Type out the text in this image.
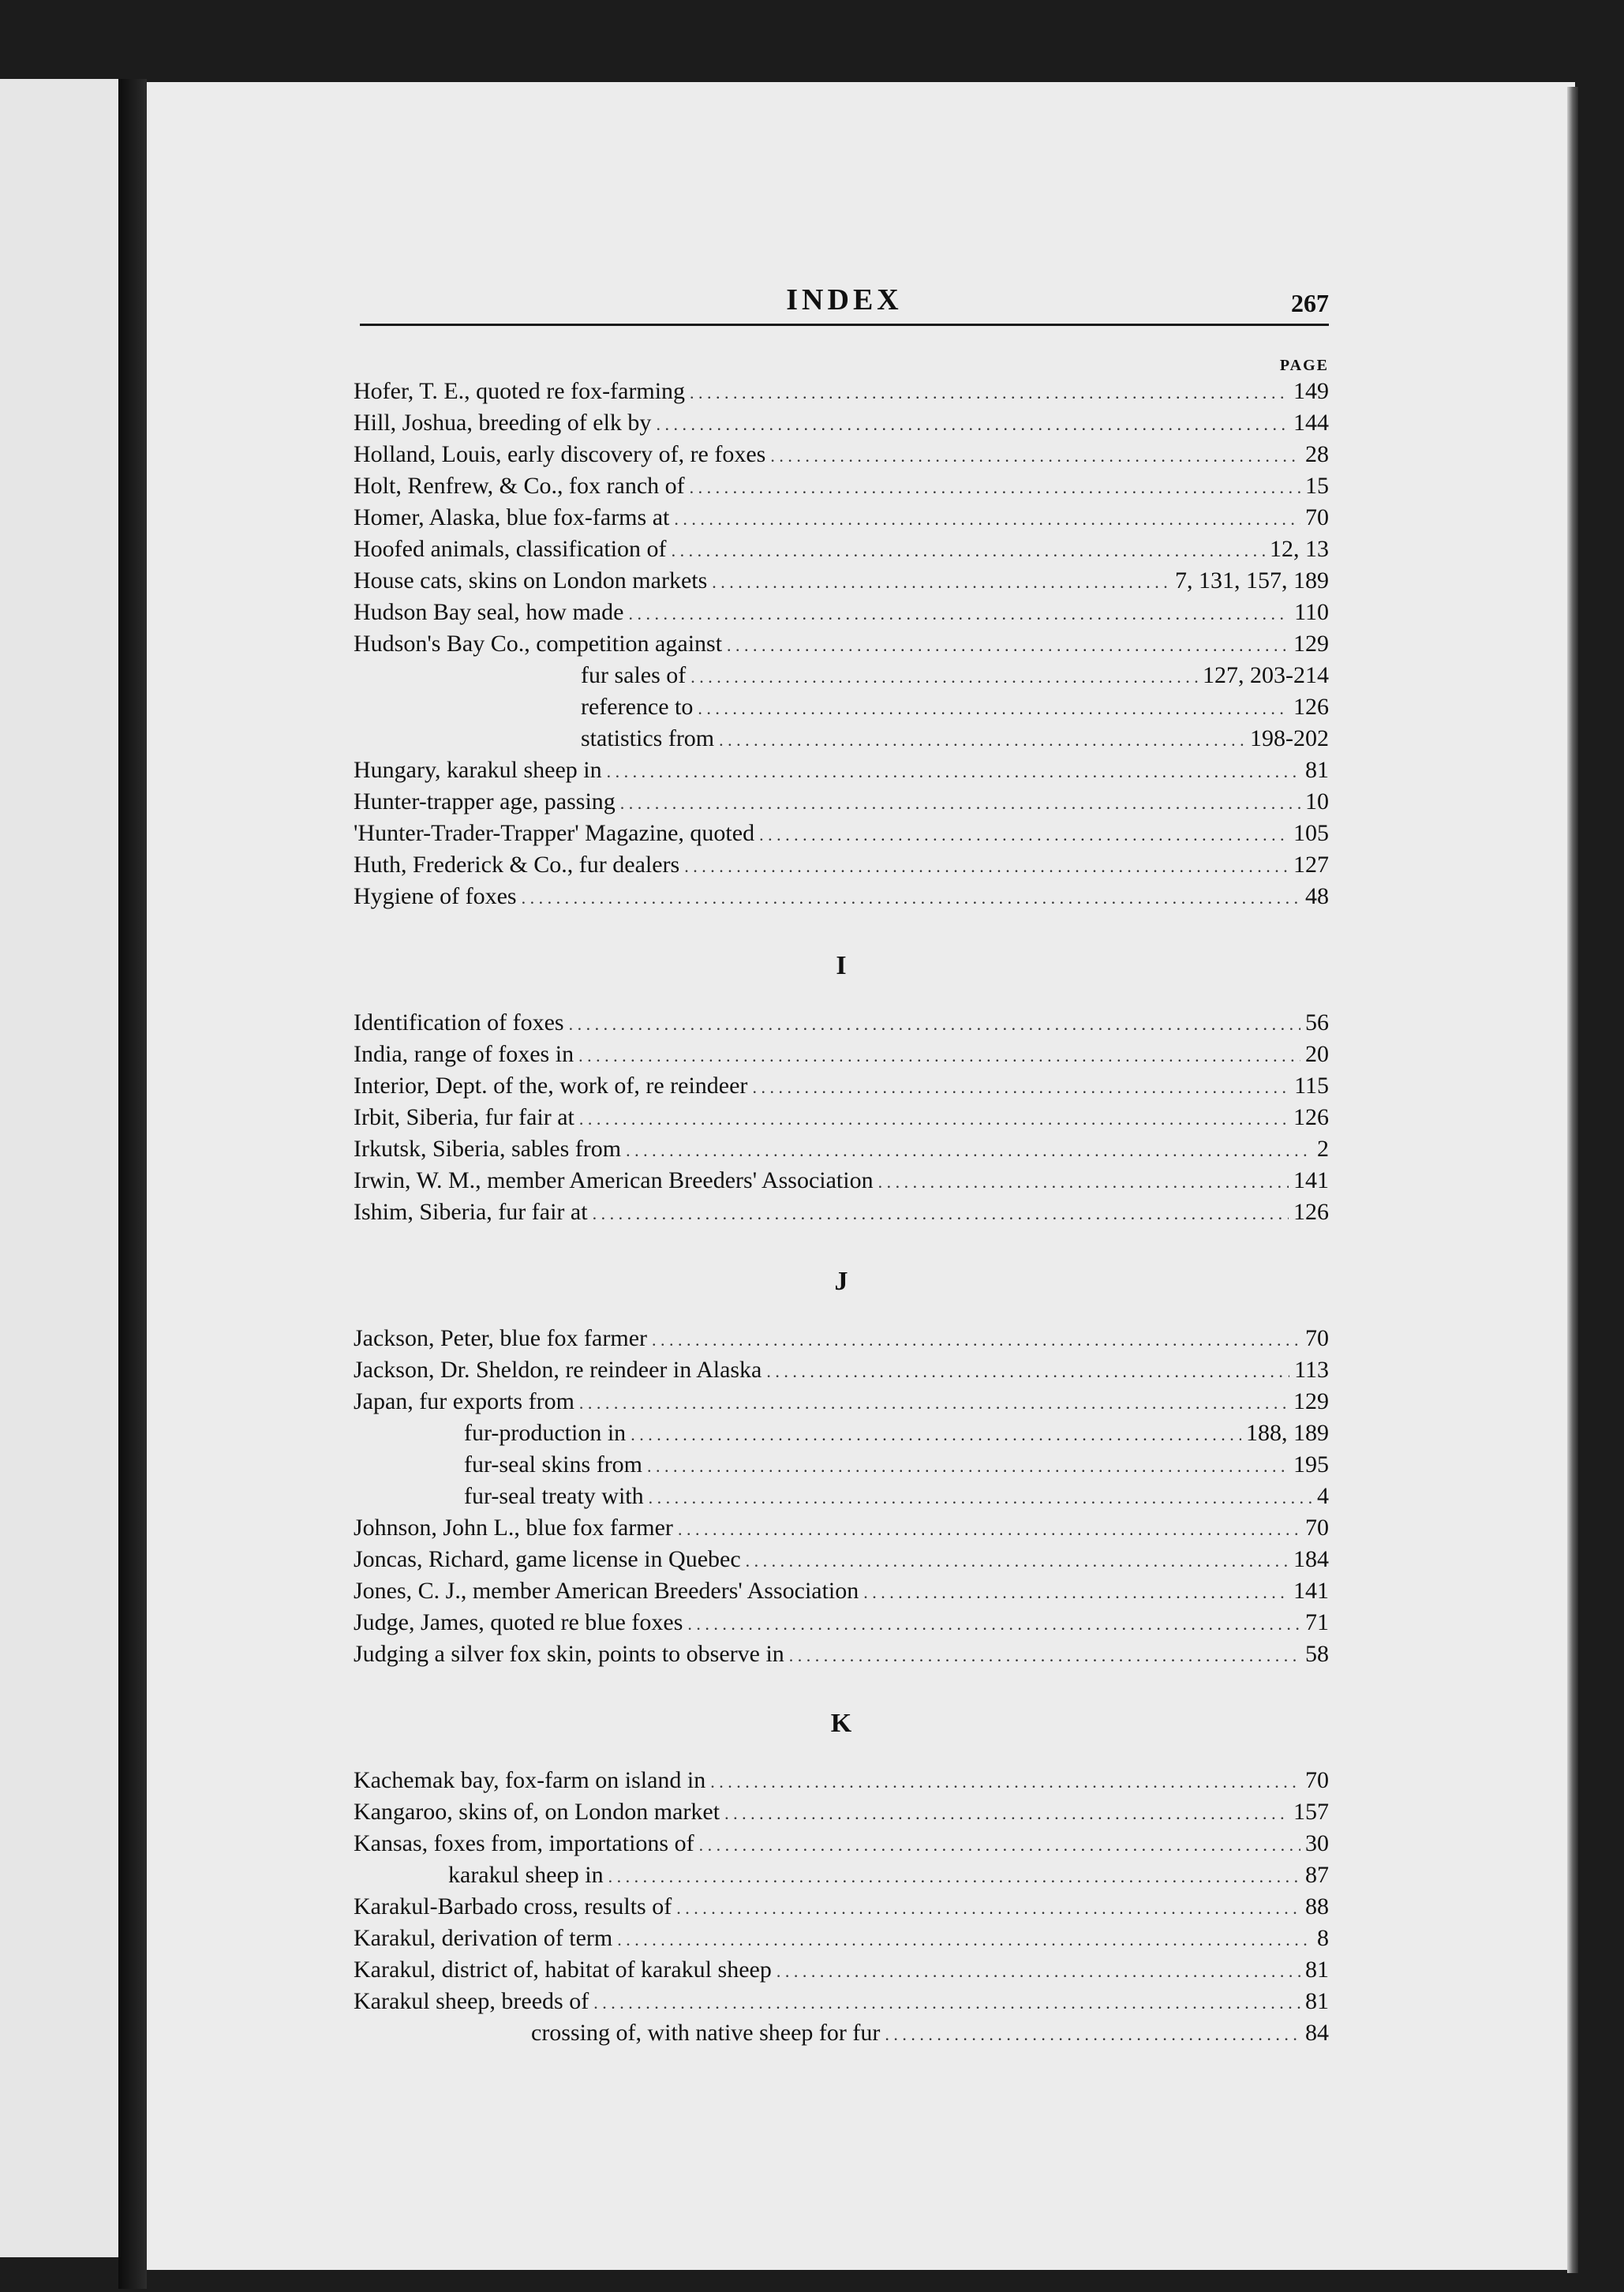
INDEX	267
PAGE
Hofer, T. E., quoted re fox-farming . . .	149
Hill, Joshua, breeding of elk by . . .	144
Holland, Louis, early discovery of, re foxes . . .	28
Holt, Renfrew, & Co., fox ranch of . . .	15
Homer, Alaska, blue fox-farms at . . .	70
Hoofed animals, classification of . . .	12, 13
House cats, skins on London markets . . .	7, 131, 157, 189
Hudson Bay seal, how made . . .	110
Hudson's Bay Co., competition against . . .	129
fur sales of . . .	127, 203-214
reference to . . .	126
statistics from . . .	198-202
Hungary, karakul sheep in . . .	81
Hunter-trapper age, passing . . .	10
'Hunter-Trader-Trapper' Magazine, quoted . . .	105
Huth, Frederick & Co., fur dealers . . .	127
Hygiene of foxes . . .	48
I
Identification of foxes . . .	56
India, range of foxes in . . .	20
Interior, Dept. of the, work of, re reindeer . . .	115
Irbit, Siberia, fur fair at . . .	126
Irkutsk, Siberia, sables from . . .	2
Irwin, W. M., member American Breeders' Association . . .	141
Ishim, Siberia, fur fair at . . .	126
J
Jackson, Peter, blue fox farmer . . .	70
Jackson, Dr. Sheldon, re reindeer in Alaska . . .	113
Japan, fur exports from . . .	129
fur-production in . . .	188, 189
fur-seal skins from . . .	195
fur-seal treaty with . . .	4
Johnson, John L., blue fox farmer . . .	70
Joncas, Richard, game license in Quebec . . .	184
Jones, C. J., member American Breeders' Association . . .	141
Judge, James, quoted re blue foxes . . .	71
Judging a silver fox skin, points to observe in . . .	58
K
Kachemak bay, fox-farm on island in . . .	70
Kangaroo, skins of, on London market . . .	157
Kansas, foxes from, importations of . . .	30
karakul sheep in . . .	87
Karakul-Barbado cross, results of . . .	88
Karakul, derivation of term . . .	8
Karakul, district of, habitat of karakul sheep . . .	81
Karakul sheep, breeds of . . .	81
crossing of, with native sheep for fur . . .	84
